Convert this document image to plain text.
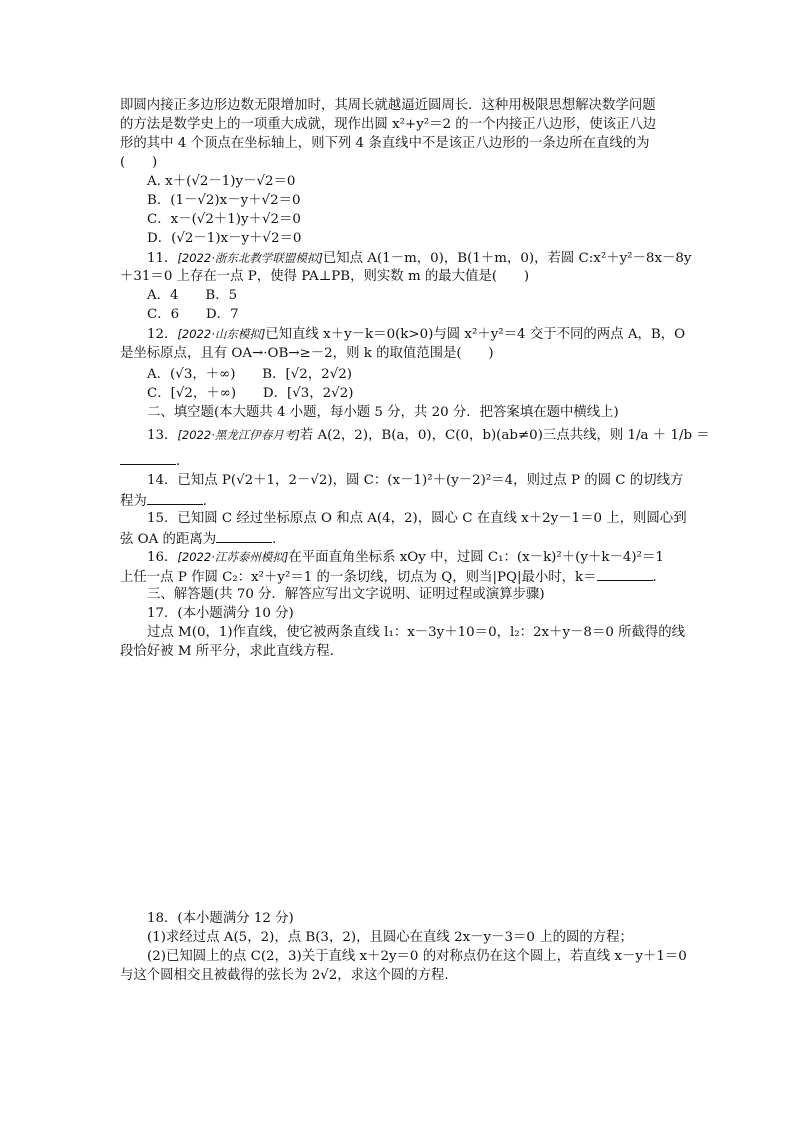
即圆内接正多边形边数无限增加时，其周长就越逼近圆周长．这种用极限思想解决数学问题
的方法是数学史上的一项重大成就，现作出圆 x²+y²＝2 的一个内接正八边形，使该正八边
形的其中 4 个顶点在坐标轴上，则下列 4 条直线中不是该正八边形的一条边所在直线的为
(　　)
A. x＋(√2－1)y－√2＝0
B．(1－√2)x－y＋√2＝0
C．x－(√2＋1)y＋√2＝0
D．(√2－1)x－y＋√2＝0
11．[2022·浙东北教学联盟模拟]已知点 A(1－m，0)，B(1＋m，0)，若圆 C:x²＋y²－8x－8y
＋31＝0 上存在一点 P，使得 PA⊥PB，则实数 m 的最大值是(　　)
A．4　　B．5
C．6　　D．7
12．[2022·山东模拟]已知直线 x＋y－k＝0(k>0)与圆 x²＋y²＝4 交于不同的两点 A，B，O
是坐标原点，且有 OA→·OB→≥－2，则 k 的取值范围是(　　)
A．(√3，＋∞)　　B．[√2，2√2)
C．[√2，＋∞)　　D．[√3，2√2)
二、填空题(本大题共 4 小题，每小题 5 分，共 20 分．把答案填在题中横线上)
13．[2022·黑龙江伊春月考]若 A(2，2)，B(a，0)，C(0，b)(ab≠0)三点共线，则 1/a ＋ 1/b ＝
．
14．已知点 P(√2＋1，2－√2)，圆 C：(x－1)²＋(y－2)²＝4，则过点 P 的圆 C 的切线方
程为	．
15．已知圆 C 经过坐标原点 O 和点 A(4，2)，圆心 C 在直线 x＋2y－1＝0 上，则圆心到
弦 OA 的距离为	．
16．[2022·江苏泰州模拟]在平面直角坐标系 xOy 中，过圆 C₁：(x－k)²＋(y＋k－4)²＝1
上任一点 P 作圆 C₂：x²＋y²＝1 的一条切线，切点为 Q，则当|PQ|最小时，k＝	．
三、解答题(共 70 分．解答应写出文字说明、证明过程或演算步骤)
17．(本小题满分 10 分)
过点 M(0，1)作直线，使它被两条直线 l₁：x－3y＋10＝0，l₂：2x＋y－8＝0 所截得的线
段恰好被 M 所平分，求此直线方程．
18．(本小题满分 12 分)
(1)求经过点 A(5，2)，点 B(3，2)，且圆心在直线 2x－y－3＝0 上的圆的方程；
(2)已知圆上的点 C(2，3)关于直线 x＋2y＝0 的对称点仍在这个圆上，若直线 x－y＋1＝0
与这个圆相交且被截得的弦长为 2√2，求这个圆的方程．
